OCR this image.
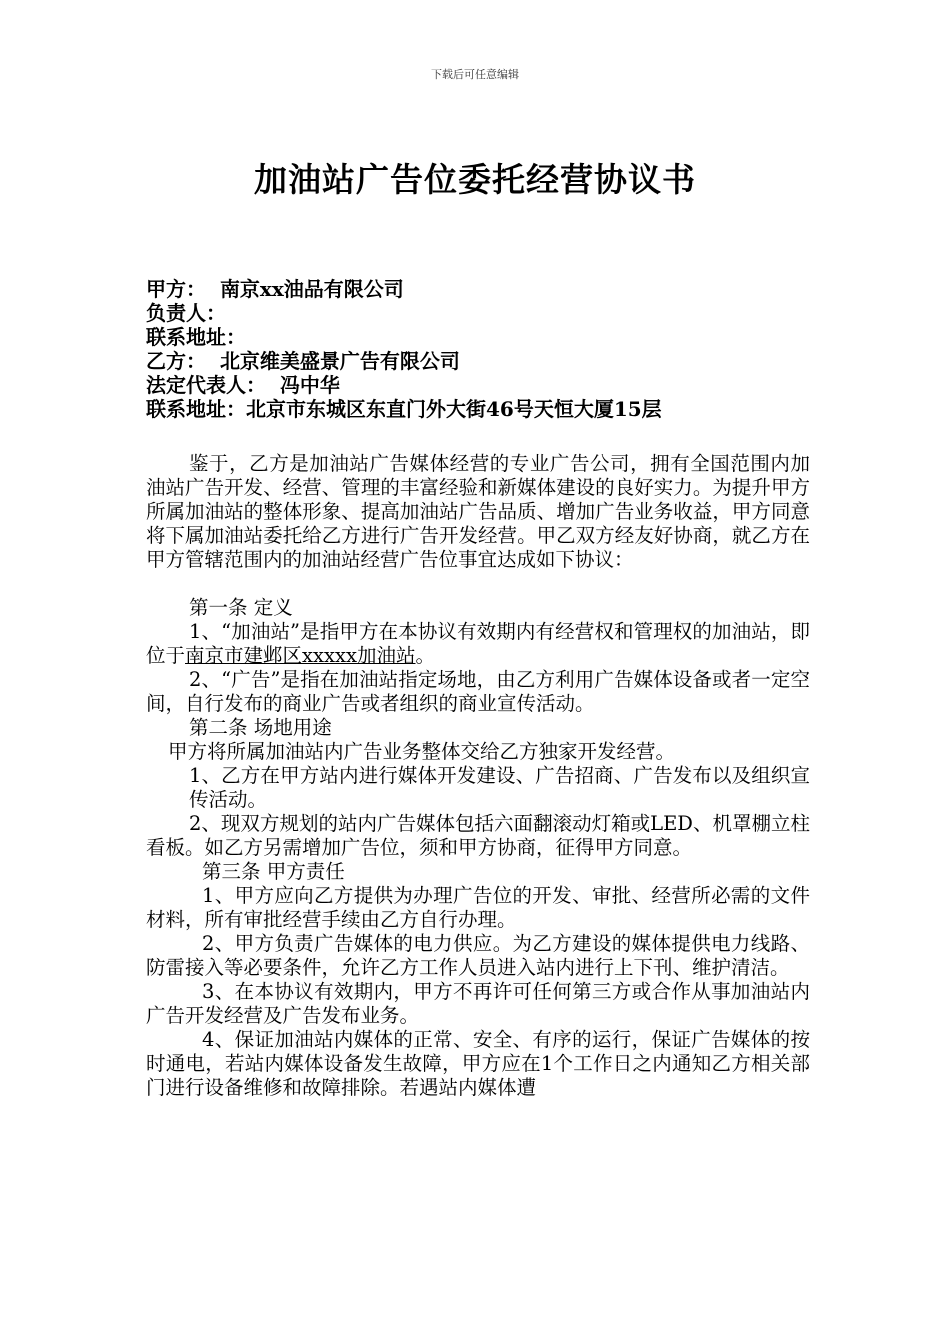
下载后可任意编辑
加油站广告位委托经营协议书
甲方： 南京xx油品有限公司
负责人：
联系地址：
乙方： 北京维美盛景广告有限公司
法定代表人： 冯中华
联系地址：北京市东城区东直门外大街46号天恒大厦15层

鉴于，乙方是加油站广告媒体经营的专业广告公司，拥有全国范围内加油站广告开发、经营、管理的丰富经验和新媒体建设的良好实力。为提升甲方所属加油站的整体形象、提高加油站广告品质、增加广告业务收益，甲方同意将下属加油站委托给乙方进行广告开发经营。甲乙双方经友好协商，就乙方在甲方管辖范围内的加油站经营广告位事宜达成如下协议：

第一条 定义

1、“加油站”是指甲方在本协议有效期内有经营权和管理权的加油站，即位于南京市建邺区xxxxx加油站。

2、“广告”是指在加油站指定场地，由乙方利用广告媒体设备或者一定空间，自行发布的商业广告或者组织的商业宣传活动。

第二条 场地用途

甲方将所属加油站内广告业务整体交给乙方独家开发经营。

1、乙方在甲方站内进行媒体开发建设、广告招商、广告发布以及组织宣传活动。

2、现双方规划的站内广告媒体包括六面翻滚动灯箱或LED、机罩棚立柱看板。如乙方另需增加广告位，须和甲方协商，征得甲方同意。

第三条 甲方责任

1、甲方应向乙方提供为办理广告位的开发、审批、经营所必需的文件材料，所有审批经营手续由乙方自行办理。

2、甲方负责广告媒体的电力供应。为乙方建设的媒体提供电力线路、防雷接入等必要条件，允许乙方工作人员进入站内进行上下刊、维护清洁。

3、在本协议有效期内，甲方不再许可任何第三方或合作从事加油站内广告开发经营及广告发布业务。

4、保证加油站内媒体的正常、安全、有序的运行，保证广告媒体的按时通电，若站内媒体设备发生故障，甲方应在1个工作日之内通知乙方相关部门进行设备维修和故障排除。若遇站内媒体遭
